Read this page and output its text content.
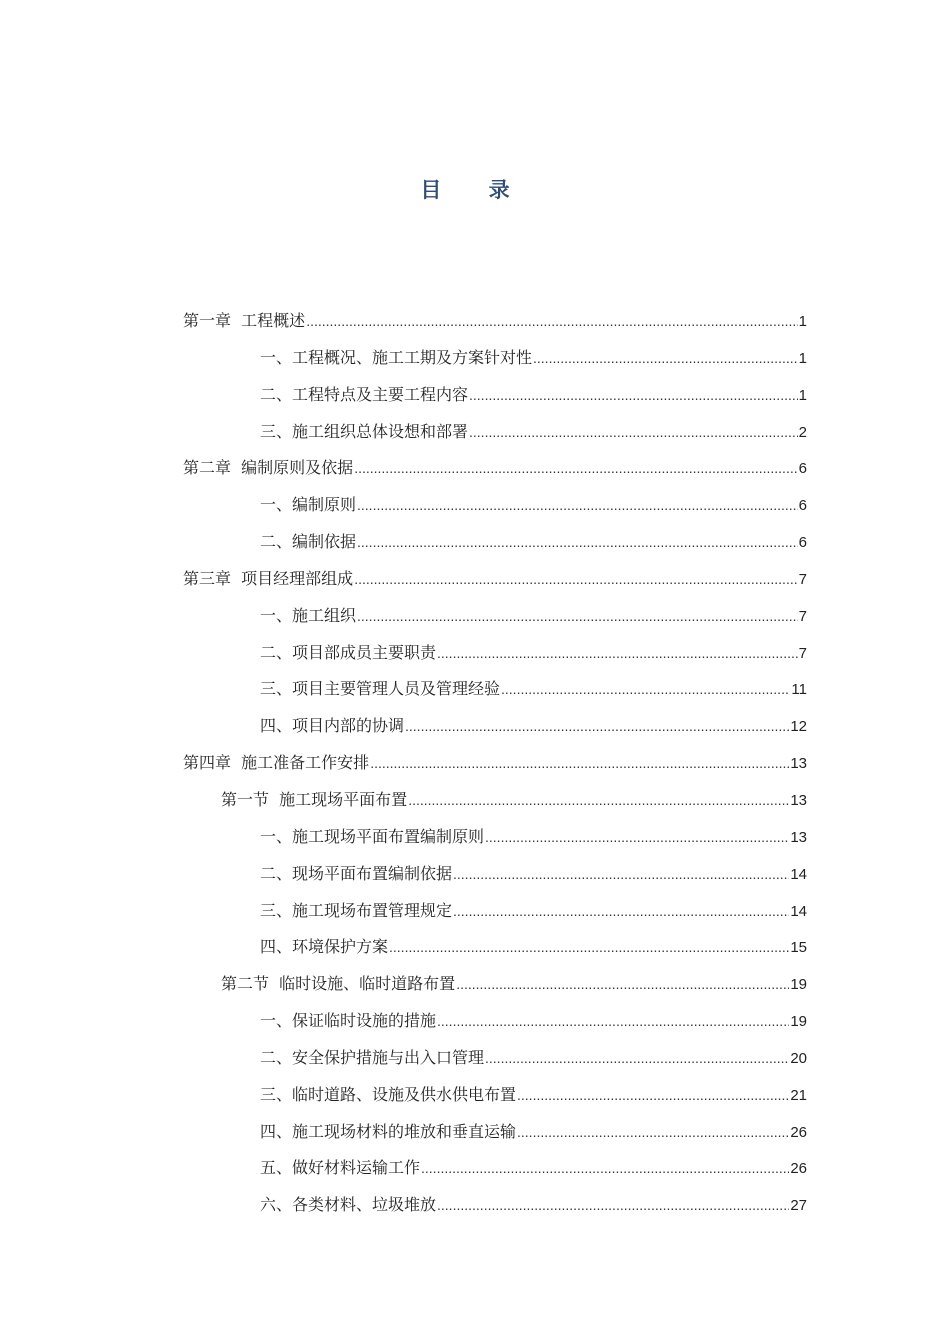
目 录
第一章  工程概述 .....	1
一、工程概况、施工工期及方案针对性 .....	1
二、工程特点及主要工程内容 .....	1
三、施工组织总体设想和部署 .....	2
第二章  编制原则及依据 .....	6
一、编制原则 .....	6
二、编制依据 .....	6
第三章  项目经理部组成 .....	7
一、施工组织 .....	7
二、项目部成员主要职责 .....	7
三、项目主要管理人员及管理经验 .....	11
四、项目内部的协调 .....	12
第四章  施工准备工作安排 .....	13
第一节  施工现场平面布置 .....	13
一、施工现场平面布置编制原则 .....	13
二、现场平面布置编制依据 .....	14
三、施工现场布置管理规定 .....	14
四、环境保护方案 .....	15
第二节  临时设施、临时道路布置 .....	19
一、保证临时设施的措施 .....	19
二、安全保护措施与出入口管理 .....	20
三、临时道路、设施及供水供电布置 .....	21
四、施工现场材料的堆放和垂直运输 .....	26
五、做好材料运输工作 .....	26
六、各类材料、垃圾堆放 .....	27
